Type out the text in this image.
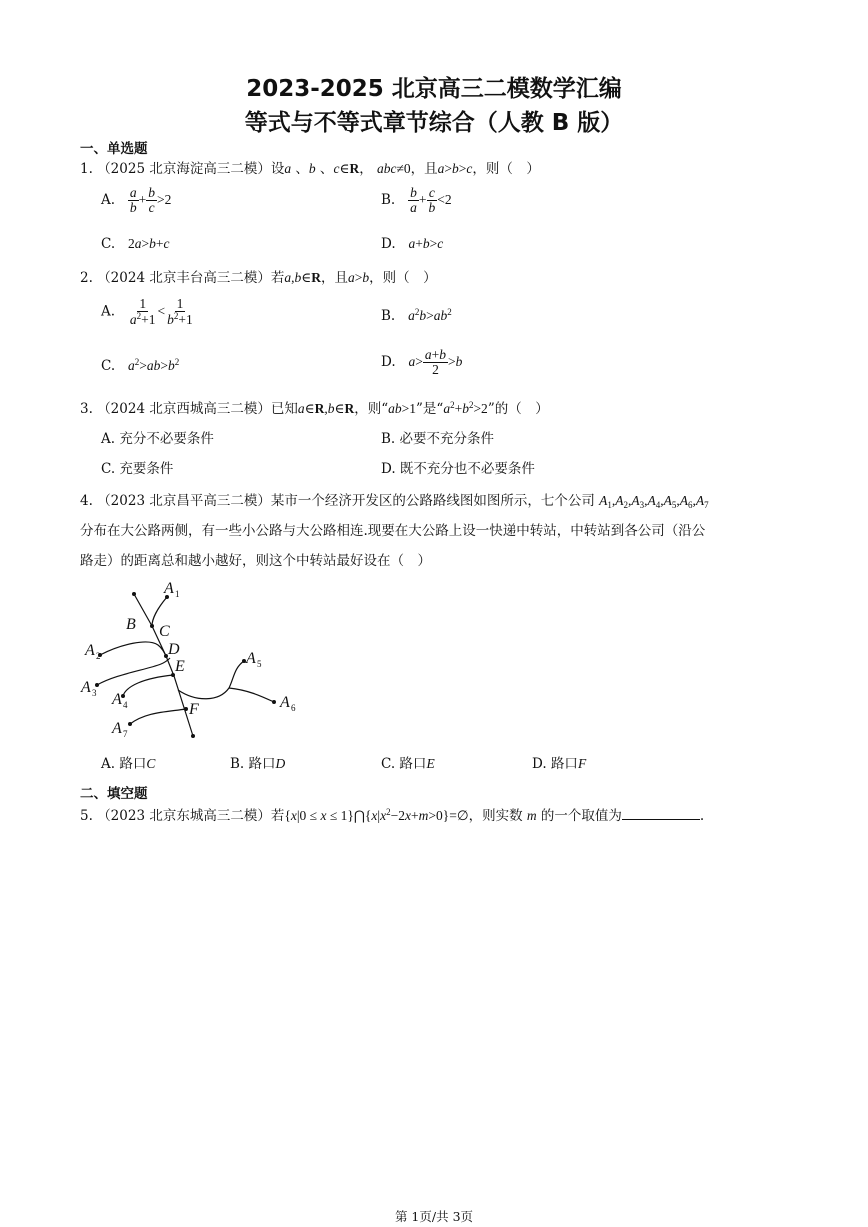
2023-2025 北京高三二模数学汇编
等式与不等式章节综合（人教 B 版）
一、单选题
1. （2025 北京海淀高三二模）设a 、b 、c∈R， abc≠0，且a>b>c，则（　）
A. $\frac{a}{b} + \frac{b}{c} >2$	B. $\frac{b}{a} + \frac{c}{b} <2$
C. 2a>b+c	D. a+b>c
2. （2024 北京丰台高三二模）若a,b∈R，且a>b，则（　）
A. $\frac{1}{a^2+1} < \frac{1}{b^2+1}$	B. $a^2b>ab^2$
C. $a^2>ab>b^2$	D. $a> \frac{a+b}{2} >b$
3. （2024 北京西城高三二模）已知a∈R,b∈R，则“ab>1”是“$a^2+b^2>2$”的（　）
A. 充分不必要条件	B. 必要不充分条件
C. 充要条件	D. 既不充分也不必要条件
4. （2023 北京昌平高三二模）某市一个经济开发区的公路路线图如图所示，七个公司 $A_1,A_2,A_3,A_4,A_5,A_6,A_7$
分布在大公路两侧，有一些小公路与大公路相连.现要在大公路上设一快递中转站，中转站到各公司（沿公
路走）的距离总和越小越好，则这个中转站最好设在（　）
A 1
B C
A 2	D
E	A 5
A 3 A 4	A 6
F
A 7
A. 路口C	B. 路口D	C. 路口E	D. 路口F
二、填空题
5. （2023 北京东城高三二模）若$\{x|0 \le x \le 1\}⋂\{x|x^2-2x+m>0\}=\emptyset$，则实数 m 的一个取值为	.
第 1页/共 3页
